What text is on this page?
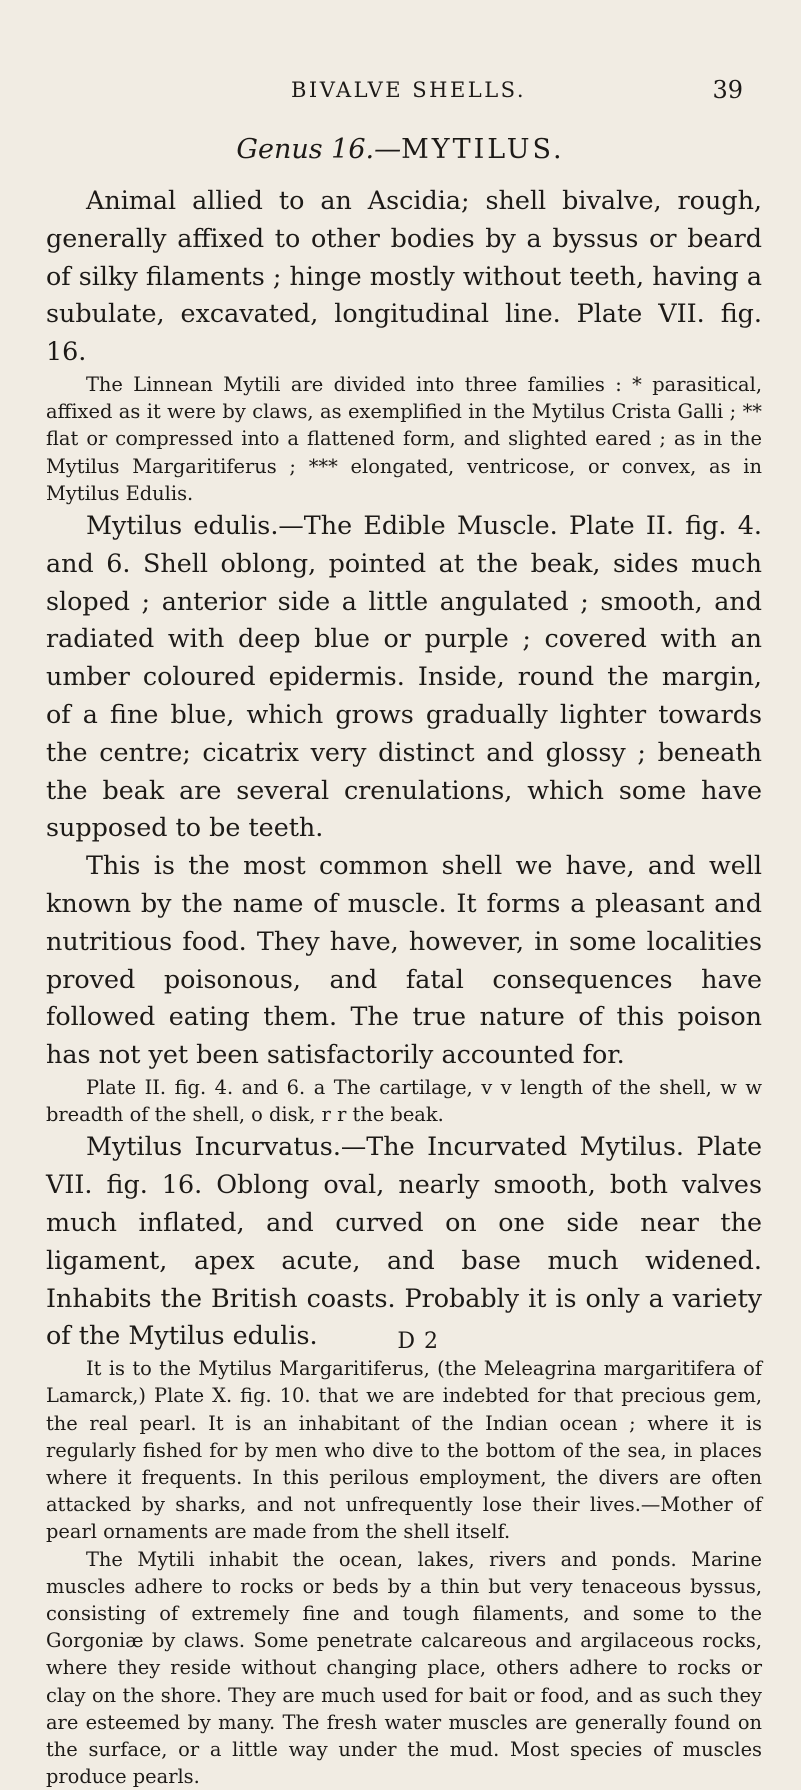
BIVALVE SHELLS.	39
Genus 16.—MYTILUS.

Animal allied to an Ascidia; shell bivalve, rough, generally affixed to other bodies by a byssus or beard of silky filaments ; hinge mostly without teeth, having a subulate, excavated, longitudinal line. Plate VII. fig. 16.

The Linnean Mytili are divided into three families : * parasitical, affixed as it were by claws, as exemplified in the Mytilus Crista Galli ; ** flat or compressed into a flattened form, and slighted eared ; as in the Mytilus Margaritiferus ; *** elongated, ventricose, or convex, as in Mytilus Edulis.

Mytilus edulis.—The Edible Muscle. Plate II. fig. 4. and 6. Shell oblong, pointed at the beak, sides much sloped ; anterior side a little angulated ; smooth, and radiated with deep blue or purple ; covered with an umber coloured epidermis. Inside, round the margin, of a fine blue, which grows gradually lighter towards the centre; cicatrix very distinct and glossy ; beneath the beak are several crenulations, which some have supposed to be teeth.

This is the most common shell we have, and well known by the name of muscle. It forms a pleasant and nutritious food. They have, however, in some localities proved poisonous, and fatal consequences have followed eating them. The true nature of this poison has not yet been satisfactorily accounted for.

Plate II. fig. 4. and 6. a The cartilage, v v length of the shell, w w breadth of the shell, o disk, r r the beak.

Mytilus Incurvatus.—The Incurvated Mytilus. Plate VII. fig. 16. Oblong oval, nearly smooth, both valves much inflated, and curved on one side near the ligament, apex acute, and base much widened. Inhabits the British coasts. Probably it is only a variety of the Mytilus edulis.

It is to the Mytilus Margaritiferus, (the Meleagrina margaritifera of Lamarck,) Plate X. fig. 10. that we are indebted for that precious gem, the real pearl. It is an inhabitant of the Indian ocean ; where it is regularly fished for by men who dive to the bottom of the sea, in places where it frequents. In this perilous employment, the divers are often attacked by sharks, and not unfrequently lose their lives.—Mother of pearl ornaments are made from the shell itself.

The Mytili inhabit the ocean, lakes, rivers and ponds. Marine muscles adhere to rocks or beds by a thin but very tenaceous byssus, consisting of extremely fine and tough filaments, and some to the Gorgoniæ by claws. Some penetrate calcareous and argilaceous rocks, where they reside without changing place, others adhere to rocks or clay on the shore. They are much used for bait or food, and as such they are esteemed by many. The fresh water muscles are generally found on the surface, or a little way under the mud. Most species of muscles produce pearls.

D 2
